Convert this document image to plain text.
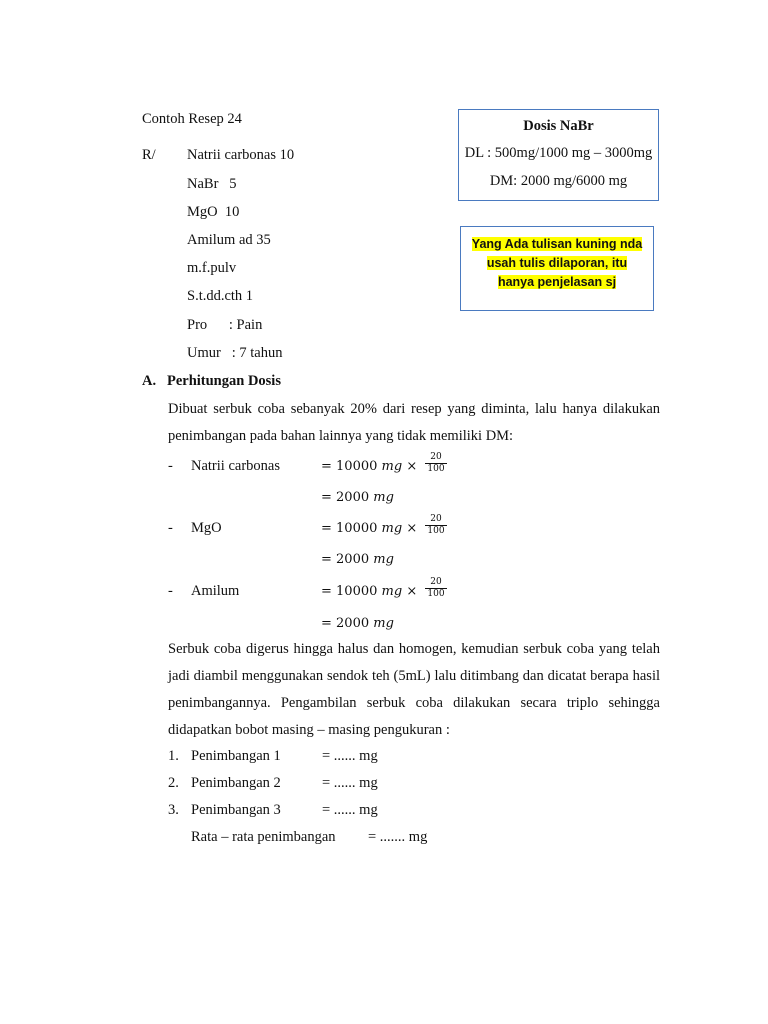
Contoh Resep 24
R/ Natrii carbonas 10
NaBr   5
MgO  10
Amilum ad 35
m.f.pulv
S.t.dd.cth 1
Pro      : Pain
Umur   : 7 tahun
Dosis NaBr
DL : 500mg/1000 mg – 3000mg
DM: 2000 mg/6000 mg
Yang Ada tulisan kuning nda
usah tulis dilaporan, itu
hanya penjelasan sj
A.   Perhitungan Dosis
Dibuat serbuk coba sebanyak 20% dari resep yang diminta, lalu hanya dilakukan penimbangan pada bahan lainnya yang tidak memiliki DM:
- Natrii carbonas	= 10000 mg ×
20
100
= 2000 mg
- MgO	= 10000 mg ×
20
100
= 2000 mg
- Amilum	= 10000 mg ×
20
100
= 2000 mg
Serbuk coba digerus hingga halus dan homogen, kemudian serbuk coba yang telah jadi diambil menggunakan sendok teh (5mL) lalu ditimbang dan dicatat berapa hasil penimbangannya. Pengambilan serbuk coba dilakukan secara triplo sehingga didapatkan bobot masing – masing pengukuran :
1. Penimbangan 1	= ...... mg
2. Penimbangan 2	= ...... mg
3. Penimbangan 3	= ...... mg
Rata – rata penimbangan = ....... mg
